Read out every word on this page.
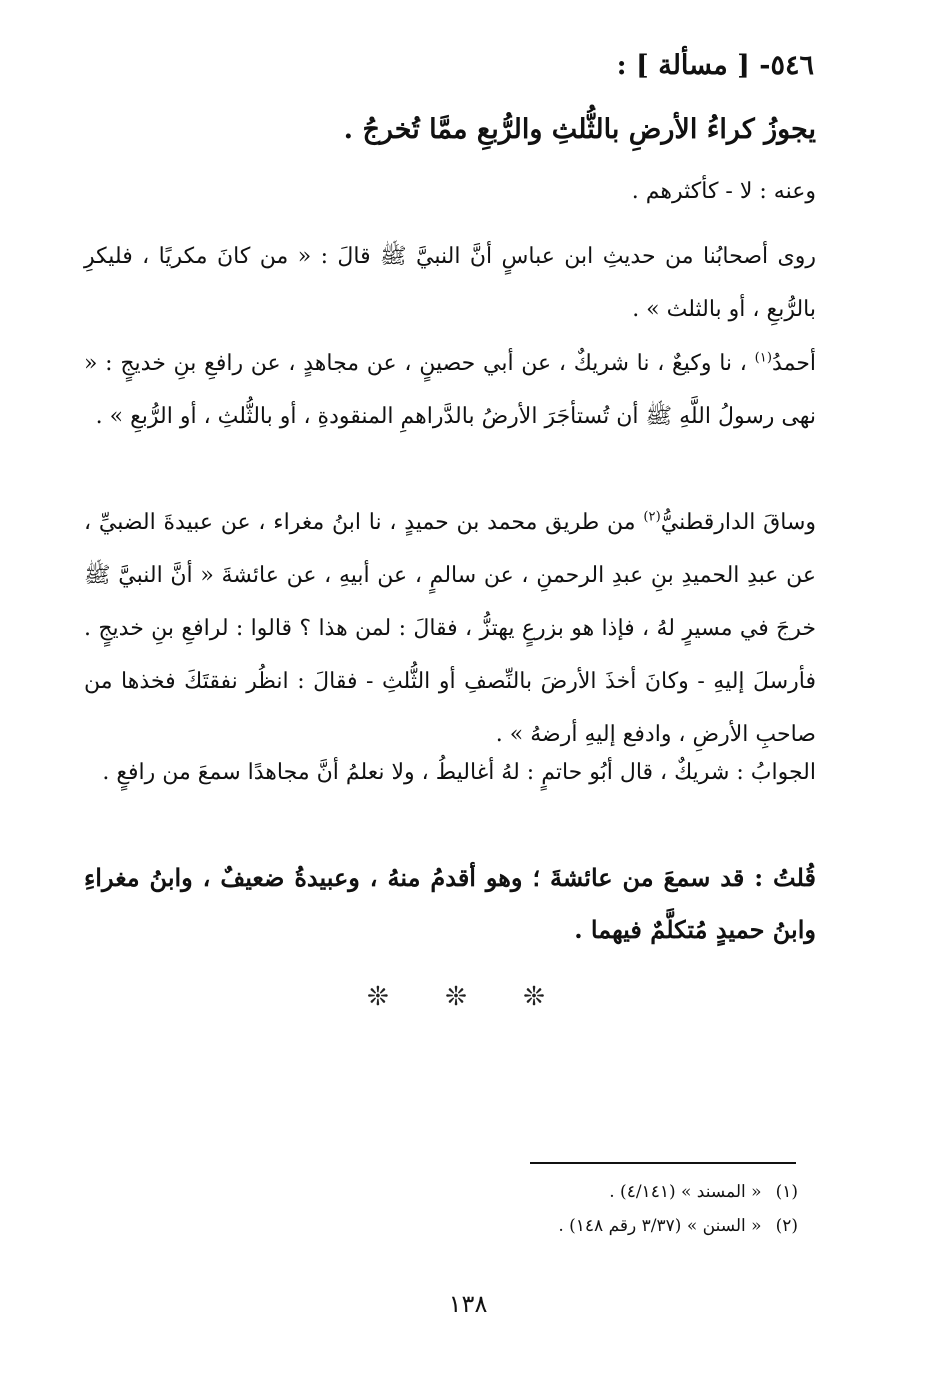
٥٤٦- [ مسألة ] :
يجوزُ كراءُ الأرضِ بالثُّلثِ والرُّبعِ ممَّا تُخرجُ .
وعنه : لا - كأكثرهم .
روى أصحابُنا من حديثِ ابن عباسٍ أنَّ النبيَّ ﷺ قالَ : « من كانَ مكريًا ، فليكرِ بالرُّبعِ ، أو بالثلث » .
أحمدُ$^{(١)}$ ، نا وكيعٌ ، نا شريكٌ ، عن أبي حصينٍ ، عن مجاهدٍ ، عن رافعِ بنِ خديجٍ : « نهى رسولُ اللَّهِ ﷺ أن تُستأجَرَ الأرضُ بالدَّراهمِ المنقودةِ ، أو بالثُّلثِ ، أو الرُّبعِ » .
وساقَ الدارقطنيُّ$^{(٢)}$ من طريق محمد بن حميدٍ ، نا ابنُ مغراء ، عن عبيدةَ الضبيِّ ، عن عبدِ الحميدِ بنِ عبدِ الرحمنِ ، عن سالمٍ ، عن أبيهِ ، عن عائشةَ « أنَّ النبيَّ ﷺ خرجَ في مسيرٍ لهُ ، فإذا هو بزرعٍ يهتزُّ ، فقالَ : لمن هذا ؟ قالوا : لرافعِ بنِ خديجٍ . فأرسلَ إليهِ - وكانَ أخذَ الأرضَ بالنِّصفِ أو الثُّلثِ - فقالَ : انظُر نفقتَكَ فخذها من صاحبِ الأرضِ ، وادفع إليهِ أرضهُ » .
الجوابُ : شريكٌ ، قال أبُو حاتمٍ : لهُ أغاليطُ ، ولا نعلمُ أنَّ مجاهدًا سمعَ من رافعٍ .
قُلتُ : قد سمعَ من عائشةَ ؛ وهو أقدمُ منهُ ، وعبيدةُ ضعيفٌ ، وابنُ مغراءِ وابنُ حميدٍ مُتكلَّمٌ فيهما .
❊ ❊ ❊
(١)« المسند » (٤/١٤١) .
(٢)« السنن » (٣/٣٧ رقم ١٤٨) .
١٣٨
